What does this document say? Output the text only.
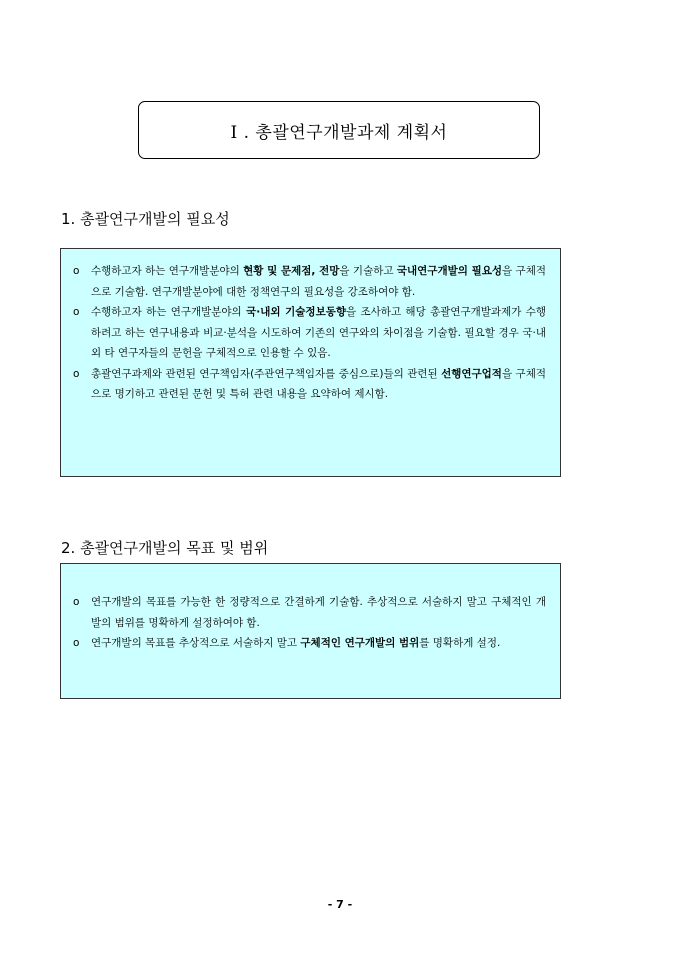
I . 총괄연구개발과제 계획서
1. 총괄연구개발의 필요성
o 수행하고자 하는 연구개발분야의 현황 및 문제점, 전망을 기술하고 국내연구개발의 필요성을 구체적으로 기술함. 연구개발분야에 대한 정책연구의 필요성을 강조하여야 함.
o 수행하고자 하는 연구개발분야의 국·내외 기술정보동향을 조사하고 해당 총괄연구개발과제가 수행하려고 하는 연구내용과 비교·분석을 시도하여 기존의 연구와의 차이점을 기술함. 필요할 경우 국·내외 타 연구자들의 문헌을 구체적으로 인용할 수 있음.
o 총괄연구과제와 관련된 연구책임자(주관연구책임자를 중심으로)들의 관련된 선행연구업적을 구체적으로 명기하고 관련된 문헌 및 특허 관련 내용을 요약하여 제시함.
2. 총괄연구개발의 목표 및 범위
o 연구개발의 목표를 가능한 한 정량적으로 간결하게 기술함. 추상적으로 서술하지 말고 구체적인 개발의 범위를 명확하게 설정하여야 함.
o 연구개발의 목표를 추상적으로 서술하지 말고 구체적인 연구개발의 범위를 명확하게 설정.
- 7 -
